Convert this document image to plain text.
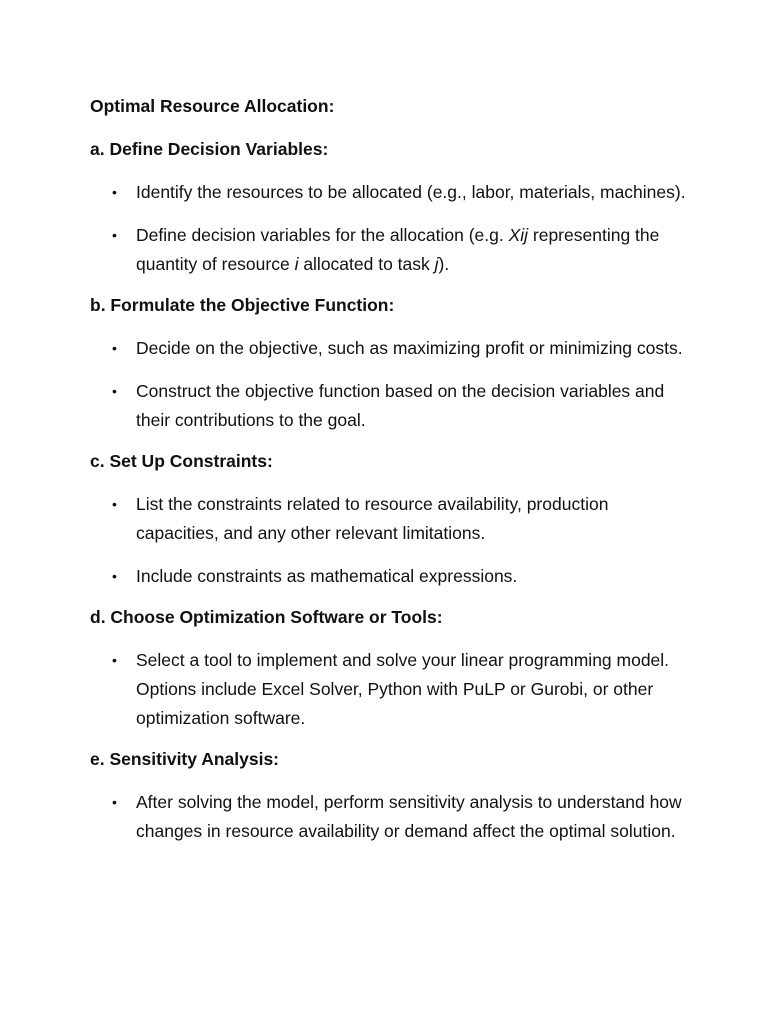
Optimal Resource Allocation:
a. Define Decision Variables:
• Identify the resources to be allocated (e.g., labor, materials, machines).
• Define decision variables for the allocation (e.g. Xij representing the quantity of resource i allocated to task j).
b. Formulate the Objective Function:
• Decide on the objective, such as maximizing profit or minimizing costs.
• Construct the objective function based on the decision variables and their contributions to the goal.
c. Set Up Constraints:
• List the constraints related to resource availability, production capacities, and any other relevant limitations.
• Include constraints as mathematical expressions.
d. Choose Optimization Software or Tools:
• Select a tool to implement and solve your linear programming model. Options include Excel Solver, Python with PuLP or Gurobi, or other optimization software.
e. Sensitivity Analysis:
• After solving the model, perform sensitivity analysis to understand how changes in resource availability or demand affect the optimal solution.
